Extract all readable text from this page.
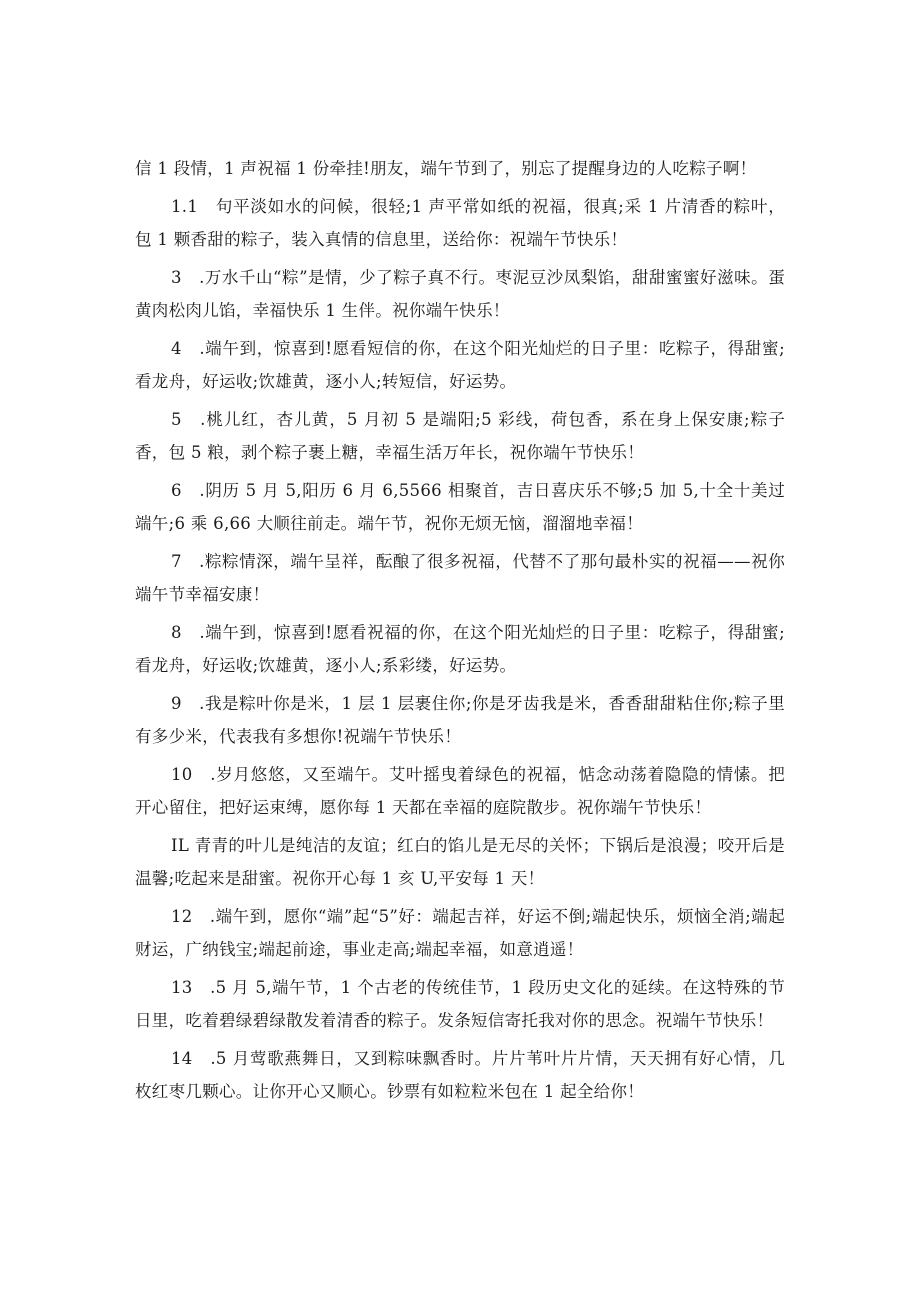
信 1 段情，1 声祝福 1 份牵挂!朋友，端午节到了，别忘了提醒身边的人吃粽子啊！

1.1　句平淡如水的问候，很轻;1 声平常如纸的祝福，很真;采 1 片清香的粽叶，包 1 颗香甜的粽子，装入真情的信息里，送给你：祝端午节快乐！

3　.万水千山“粽”是情，少了粽子真不行。枣泥豆沙凤梨馅，甜甜蜜蜜好滋味。蛋黄肉松肉儿馅，幸福快乐 1 生伴。祝你端午快乐！

4　.端午到，惊喜到!愿看短信的你，在这个阳光灿烂的日子里：吃粽子，得甜蜜;看龙舟，好运收;饮雄黄，逐小人;转短信，好运势。

5　.桃儿红，杏儿黄，5 月初 5 是端阳;5 彩线，荷包香，系在身上保安康;粽子香，包 5 粮，剥个粽子裹上糖，幸福生活万年长，祝你端午节快乐！

6　.阴历 5 月 5,阳历 6 月 6,5566 相聚首，吉日喜庆乐不够;5 加 5,十全十美过端午;6 乘 6,66 大顺往前走。端午节，祝你无烦无恼，溜溜地幸福！

7　.粽粽情深，端午呈祥，酝酿了很多祝福，代替不了那句最朴实的祝福——祝你端午节幸福安康！

8　.端午到，惊喜到!愿看祝福的你，在这个阳光灿烂的日子里：吃粽子，得甜蜜;看龙舟，好运收;饮雄黄，逐小人;系彩缕，好运势。

9　.我是粽叶你是米，1 层 1 层裹住你;你是牙齿我是米，香香甜甜粘住你;粽子里有多少米，代表我有多想你!祝端午节快乐！

10　.岁月悠悠，又至端午。艾叶摇曳着绿色的祝福，惦念动荡着隐隐的情愫。把开心留住，把好运束缚，愿你每 1 天都在幸福的庭院散步。祝你端午节快乐！

IL 青青的叶儿是纯洁的友谊；红白的馅儿是无尽的关怀；下锅后是浪漫；咬开后是温馨;吃起来是甜蜜。祝你开心每 1 亥 U,平安每 1 天！

12　.端午到，愿你“端”起“5”好：端起吉祥，好运不倒;端起快乐，烦恼全消;端起财运，广纳钱宝;端起前途，事业走高;端起幸福，如意逍遥！

13　.5 月 5,端午节，1 个古老的传统佳节，1 段历史文化的延续。在这特殊的节日里，吃着碧绿碧绿散发着清香的粽子。发条短信寄托我对你的思念。祝端午节快乐！

14　.5 月莺歌燕舞日，又到粽味飘香时。片片苇叶片片情，天天拥有好心情，几枚红枣几颗心。让你开心又顺心。钞票有如粒粒米包在 1 起全给你！
